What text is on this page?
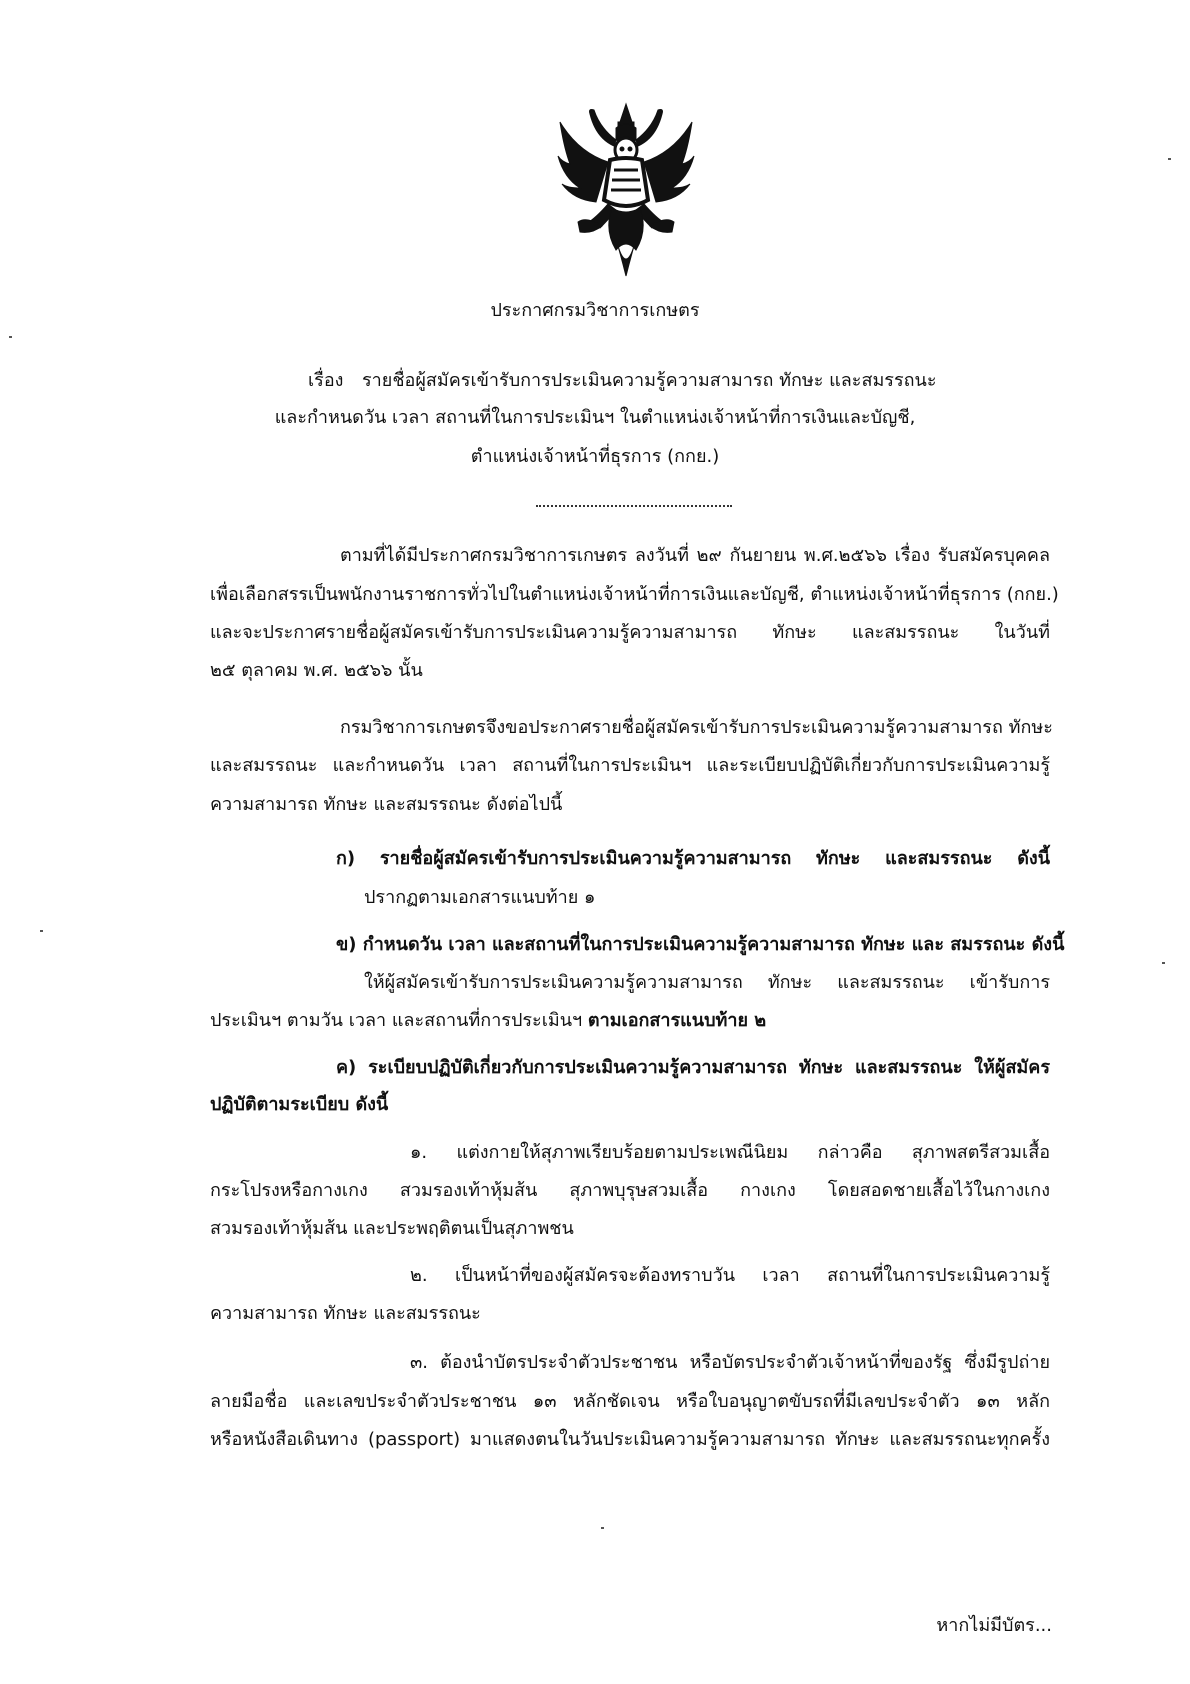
ประกาศกรมวิชาการเกษตร
เรื่อง รายชื่อผู้สมัครเข้ารับการประเมินความรู้ความสามารถ ทักษะ และสมรรถนะ
และกำหนดวัน เวลา สถานที่ในการประเมินฯ ในตำแหน่งเจ้าหน้าที่การเงินและบัญชี,
ตำแหน่งเจ้าหน้าที่ธุรการ (กกย.)
ตามที่ได้มีประกาศกรมวิชาการเกษตร ลงวันที่ ๒๙ กันยายน พ.ศ.๒๕๖๖ เรื่อง รับสมัครบุคคล
เพื่อเลือกสรรเป็นพนักงานราชการทั่วไปในตำแหน่งเจ้าหน้าที่การเงินและบัญชี, ตำแหน่งเจ้าหน้าที่ธุรการ (กกย.)
และจะประกาศรายชื่อผู้สมัครเข้ารับการประเมินความรู้ความสามารถ ทักษะ และสมรรถนะ ในวันที่
๒๕ ตุลาคม พ.ศ. ๒๕๖๖ นั้น
กรมวิชาการเกษตรจึงขอประกาศรายชื่อผู้สมัครเข้ารับการประเมินความรู้ความสามารถ ทักษะ
และสมรรถนะ และกำหนดวัน เวลา สถานที่ในการประเมินฯ และระเบียบปฏิบัติเกี่ยวกับการประเมินความรู้
ความสามารถ ทักษะ และสมรรถนะ ดังต่อไปนี้
ก) รายชื่อผู้สมัครเข้ารับการประเมินความรู้ความสามารถ ทักษะ และสมรรถนะ ดังนี้
ปรากฏตามเอกสารแนบท้าย ๑
ข) กำหนดวัน เวลา และสถานที่ในการประเมินความรู้ความสามารถ ทักษะ และ สมรรถนะ ดังนี้
ให้ผู้สมัครเข้ารับการประเมินความรู้ความสามารถ ทักษะ และสมรรถนะ เข้ารับการ
ประเมินฯ ตามวัน เวลา และสถานที่การประเมินฯ ตามเอกสารแนบท้าย ๒
ค) ระเบียบปฏิบัติเกี่ยวกับการประเมินความรู้ความสามารถ ทักษะ และสมรรถนะ ให้ผู้สมัคร
ปฏิบัติตามระเบียบ ดังนี้
๑. แต่งกายให้สุภาพเรียบร้อยตามประเพณีนิยม กล่าวคือ สุภาพสตรีสวมเสื้อ
กระโปรงหรือกางเกง สวมรองเท้าหุ้มส้น สุภาพบุรุษสวมเสื้อ กางเกง โดยสอดชายเสื้อไว้ในกางเกง
สวมรองเท้าหุ้มส้น และประพฤติตนเป็นสุภาพชน
๒. เป็นหน้าที่ของผู้สมัครจะต้องทราบวัน เวลา สถานที่ในการประเมินความรู้
ความสามารถ ทักษะ และสมรรถนะ
๓. ต้องนำบัตรประจำตัวประชาชน หรือบัตรประจำตัวเจ้าหน้าที่ของรัฐ ซึ่งมีรูปถ่าย
ลายมือชื่อ และเลขประจำตัวประชาชน ๑๓ หลักชัดเจน หรือใบอนุญาตขับรถที่มีเลขประจำตัว ๑๓ หลัก
หรือหนังสือเดินทาง (passport) มาแสดงตนในวันประเมินความรู้ความสามารถ ทักษะ และสมรรถนะทุกครั้ง
หากไม่มีบัตร...
